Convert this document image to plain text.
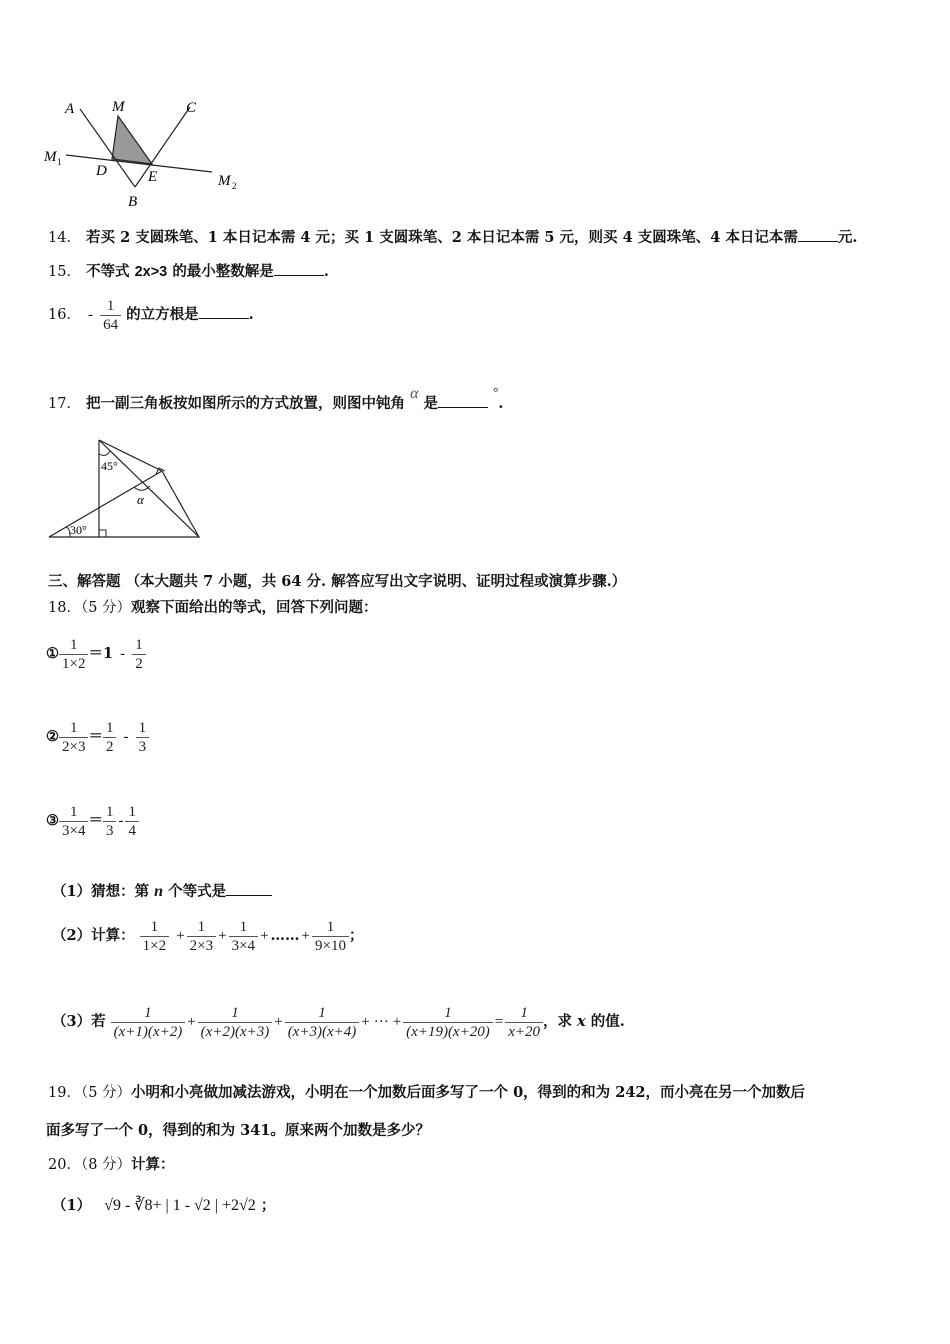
A	M	C
M 1
D	E	M 2
B
14． 若买 2 支圆珠笔、1 本日记本需 4 元；买 1 支圆珠笔、2 本日记本需 5 元，则买 4 支圆珠笔、4 本日记本需	元.
15． 不等式 2x>3 的最小整数解是	.
16． - $\frac{1}{64}$ 的立方根是	.
17． 把一副三角板按如图所示的方式放置，则图中钝角 α 是 °.
45°
30°
α
三、解答题 （本大题共 7 小题，共 64 分. 解答应写出文字说明、证明过程或演算步骤.）
18．（5 分）观察下面给出的等式，回答下列问题：
① $\frac{1}{1\times 2} =1 - \frac{1}{2}$
② $\frac{1}{2\times 3} = \frac{1}{2} - \frac{1}{3}$
③ $\frac{1}{3\times 4} = \frac{1}{3} - \frac{1}{4}$
（1）猜想：第 n 个等式是
（2）计算： $\frac{1}{1\times 2} + \frac{1}{2\times 3} + \frac{1}{3\times 4}$ + …… + $\frac{1}{9\times 10}$ ；
（3）若 $\frac{1}{(x+1)(x+2)} + \frac{1}{(x+2)(x+3)} + \frac{1}{(x+3)(x+4)}$ + ··· + $\frac{1}{(x+19)(x+20)} = \frac{1}{x+20}$ ，求 x 的值.
19．（5 分）小明和小亮做加减法游戏，小明在一个加数后面多写了一个 0，得到的和为 242，而小亮在另一个加数后
面多写了一个 0，得到的和为 341。原来两个加数是多少？
20．（8 分）计算：
（1） √9 - ∛8+ | 1 - √2 | +2√2 ；
